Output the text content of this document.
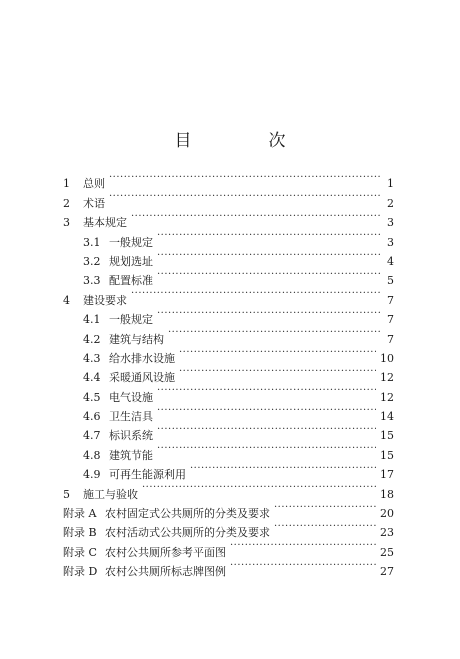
目　次
1	总则 ·····	1
2	术语 ·····	2
3	基本规定 ·····	3
3.1 一般规定 ·····	3
3.2 规划选址 ·····	4
3.3 配置标准 ·····	5
4	建设要求 ·····	7
4.1 一般规定 ·····	7
4.2 建筑与结构 ·····	7
4.3 给水排水设施 ·····	10
4.4 采暖通风设施 ·····	12
4.5 电气设施 ·····	12
4.6 卫生洁具 ·····	14
4.7 标识系统 ·····	15
4.8 建筑节能 ·····	15
4.9 可再生能源利用 ·····	17
5	施工与验收 ·····	18
附录 A 农村固定式公共厕所的分类及要求 ·····	20
附录 B 农村活动式公共厕所的分类及要求 ·····	23
附录 C 农村公共厕所参考平面图 ·····	25
附录 D 农村公共厕所标志牌图例 ·····	27
